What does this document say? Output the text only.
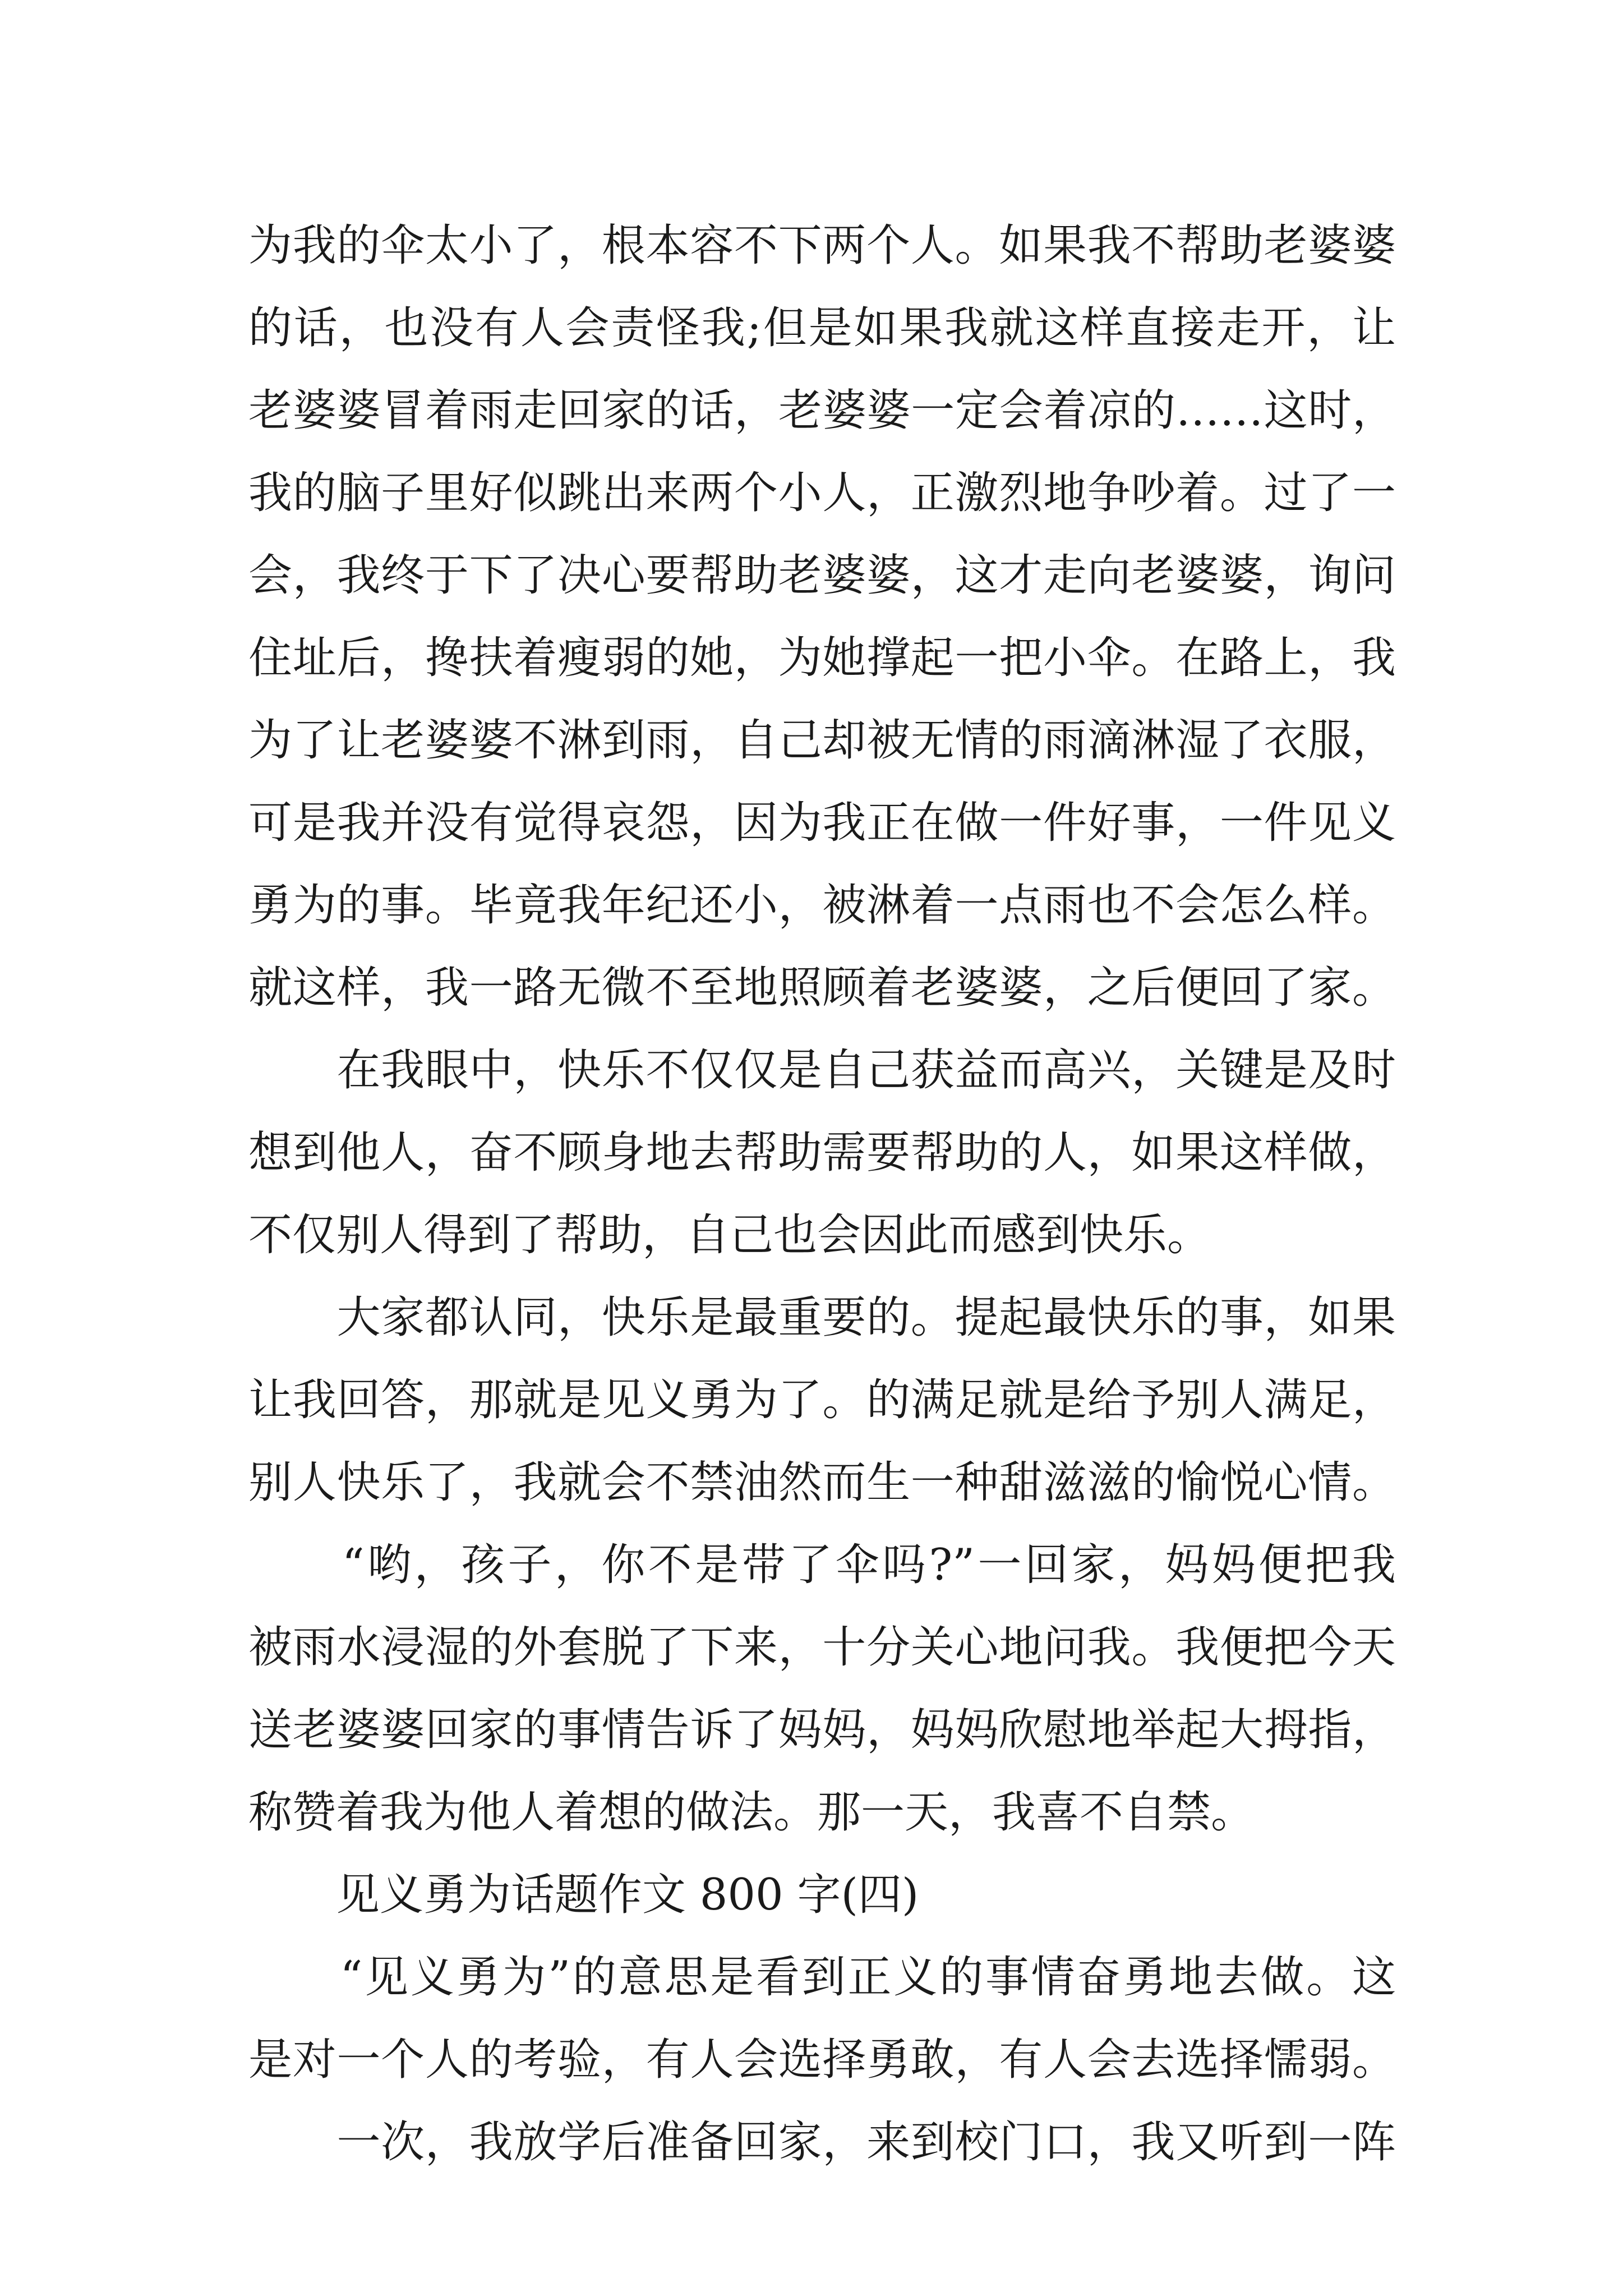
为我的伞太小了，根本容不下两个人。如果我不帮助老婆婆
的话，也没有人会责怪我;但是如果我就这样直接走开，让
老婆婆冒着雨走回家的话，老婆婆一定会着凉的……这时，
我的脑子里好似跳出来两个小人，正激烈地争吵着。过了一
会，我终于下了决心要帮助老婆婆，这才走向老婆婆，询问
住址后，搀扶着瘦弱的她，为她撑起一把小伞。在路上，我
为了让老婆婆不淋到雨，自己却被无情的雨滴淋湿了衣服，
可是我并没有觉得哀怨，因为我正在做一件好事，一件见义
勇为的事。毕竟我年纪还小，被淋着一点雨也不会怎么样。
就这样，我一路无微不至地照顾着老婆婆，之后便回了家。
　　在我眼中，快乐不仅仅是自己获益而高兴，关键是及时
想到他人，奋不顾身地去帮助需要帮助的人，如果这样做，
不仅别人得到了帮助，自己也会因此而感到快乐。
　　大家都认同，快乐是最重要的。提起最快乐的事，如果
让我回答，那就是见义勇为了。的满足就是给予别人满足，
别人快乐了，我就会不禁油然而生一种甜滋滋的愉悦心情。
　　“哟，孩子，你不是带了伞吗?”一回家，妈妈便把我
被雨水浸湿的外套脱了下来，十分关心地问我。我便把今天
送老婆婆回家的事情告诉了妈妈，妈妈欣慰地举起大拇指，
称赞着我为他人着想的做法。那一天，我喜不自禁。
　　见义勇为话题作文 800 字(四)
　　“见义勇为”的意思是看到正义的事情奋勇地去做。这
是对一个人的考验，有人会选择勇敢，有人会去选择懦弱。
　　一次，我放学后准备回家，来到校门口，我又听到一阵
